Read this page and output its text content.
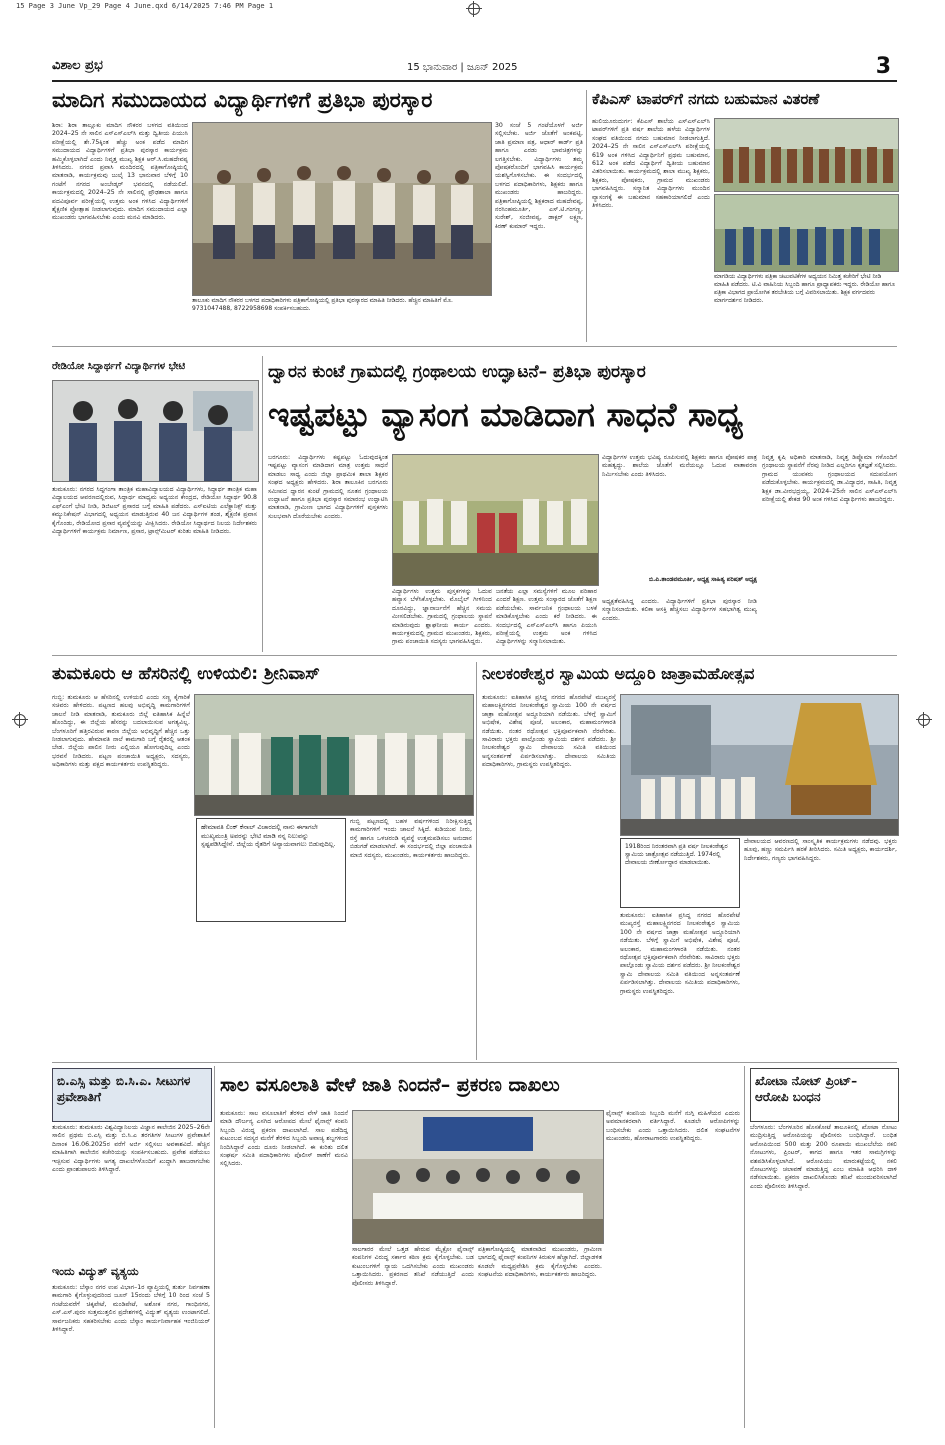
15 Page 3 June Vp_29 Page 4 June.qxd 6/14/2025 7:46 PM Page 1
ವಿಶಾಲ ಪ್ರಭ	15 ಭಾನುವಾರ | ಜೂನ್ 2025	3
ಮಾದಿಗ ಸಮುದಾಯದ ವಿದ್ಯಾರ್ಥಿಗಳಿಗೆ ಪ್ರತಿಭಾ ಪುರಸ್ಕಾರ
ಶಿರಾ: ಶಿರಾ ತಾಲ್ಲೂಕು ಮಾದಿಗ ನೌಕರರ ಬಳಗದ ವತಿಯಿಂದ 2024–25 ನೇ ಸಾಲಿನ ಎಸ್‌ಎಸ್‌ಎಲ್‌ಸಿ ಮತ್ತು ದ್ವಿತೀಯ ಪಿಯುಸಿ ಪರೀಕ್ಷೆಯಲ್ಲಿ ಶೇ.75ಕ್ಕಿಂತ ಹೆಚ್ಚು ಅಂಕ ಪಡೆದ ಮಾದಿಗ ಸಮುದಾಯದ ವಿದ್ಯಾರ್ಥಿಗಳಿಗೆ ಪ್ರತಿಭಾ ಪುರಸ್ಕಾರ ಕಾರ್ಯಕ್ರಮ ಹಮ್ಮಿಕೊಳ್ಳಲಾಗಿದೆ ಎಂದು ನಿವೃತ್ತ ಮುಖ್ಯ ಶಿಕ್ಷಕ ಆರ್.ಸಿ.ಮಹದೇವಪ್ಪ ತಿಳಿಸಿದರು. ನಗರದ ಪ್ರವಾಸಿ ಮಂದಿರದಲ್ಲಿ ಪತ್ರಿಕಾಗೋಷ್ಠಿಯಲ್ಲಿ ಮಾತನಾಡಿ, ಕಾರ್ಯಕ್ರಮವು ಜುಲೈ 13 ಭಾನುವಾರ ಬೆಳಿಗ್ಗೆ 10 ಗಂಟೆಗೆ ನಗರದ ಅಂಬೇಡ್ಕರ್ ಭವನದಲ್ಲಿ ನಡೆಯಲಿದೆ. ಕಾರ್ಯಕ್ರಮದಲ್ಲಿ 2024–25 ನೇ ಸಾಲಿನಲ್ಲಿ ಪ್ರೌಢಶಾಲಾ ಹಾಗೂ ಪದವಿಪೂರ್ವ ಪರೀಕ್ಷೆಯಲ್ಲಿ ಉತ್ತಮ ಅಂಕ ಗಳಿಸಿದ ವಿದ್ಯಾರ್ಥಿಗಳಿಗೆ ಶೈಕ್ಷಣಿಕ ಪ್ರೋತ್ಸಾಹ ನೀಡಲಾಗುವುದು. ಮಾದಿಗ ಸಮುದಾಯದ ಎಲ್ಲಾ ಮುಖಂಡರು ಭಾಗವಹಿಸಬೇಕು ಎಂದು ಮನವಿ ಮಾಡಿದರು.
ತಾಲೂಕು ಮಾದಿಗ ನೌಕರರ ಬಳಗದ ಪದಾಧಿಕಾರಿಗಳು ಪತ್ರಿಕಾಗೋಷ್ಠಿಯಲ್ಲಿ ಪ್ರತಿಭಾ ಪುರಸ್ಕಾರದ ಮಾಹಿತಿ ನೀಡಿದರು. ಹೆಚ್ಚಿನ ಮಾಹಿತಿಗೆ ಮೊ. 9731047488, 8722958698 ಸಂಪರ್ಕಿಸಬಹುದು.
30 ಸಂಜೆ 5 ಗಂಟೆಯೊಳಗೆ ಅರ್ಜಿ ಸಲ್ಲಿಸಬೇಕು. ಅರ್ಜಿ ಜೊತೆಗೆ ಅಂಕಪಟ್ಟಿ, ಜಾತಿ ಪ್ರಮಾಣ ಪತ್ರ, ಆಧಾರ್ ಕಾರ್ಡ್ ಪ್ರತಿ ಹಾಗೂ ಎರಡು ಭಾವಚಿತ್ರಗಳನ್ನು ಲಗತ್ತಿಸಬೇಕು. ವಿದ್ಯಾರ್ಥಿಗಳು ತಮ್ಮ ಪೋಷಕರೊಂದಿಗೆ ಭಾಗವಹಿಸಿ ಕಾರ್ಯಕ್ರಮ ಯಶಸ್ವಿಗೊಳಿಸಬೇಕು. ಈ ಸಂದರ್ಭದಲ್ಲಿ ಬಳಗದ ಪದಾಧಿಕಾರಿಗಳು, ಶಿಕ್ಷಕರು ಹಾಗೂ ಮುಖಂಡರು ಹಾಜರಿದ್ದರು. ಪತ್ರಿಕಾಗೋಷ್ಠಿಯಲ್ಲಿ ಶಿಕ್ಷಕರಾದ ಮಹದೇವಪ್ಪ, ನರಸಿಂಹಮೂರ್ತಿ, ಎಸ್.ಟಿ.ಗಂಗಣ್ಣ, ಸುರೇಶ್, ಸಂಜೀವಪ್ಪ, ಡಾಕ್ಟರ್ ಲಕ್ಷ್ಮಣ, ಕಿರಣ್ ಕುಮಾರ್ ಇದ್ದರು.
ಕೆಪಿಎಸ್ ಟಾಪರ್‌ಗೆ ನಗದು ಬಹುಮಾನ ವಿತರಣೆ
ಹುಲಿಯೂರುದುರ್ಗ: ಕೆಪಿಎಸ್ ಶಾಲೆಯ ಎಸ್‌ಎಸ್‌ಎಲ್‌ಸಿ ಟಾಪರ್‌ಗಳಿಗೆ ಪ್ರತಿ ವರ್ಷ ಶಾಲೆಯ ಹಳೆಯ ವಿದ್ಯಾರ್ಥಿಗಳ ಸಂಘದ ವತಿಯಿಂದ ನಗದು ಬಹುಮಾನ ನೀಡಲಾಗುತ್ತಿದೆ. 2024–25 ನೇ ಸಾಲಿನ ಎಸ್‌ಎಸ್‌ಎಲ್‌ಸಿ ಪರೀಕ್ಷೆಯಲ್ಲಿ 619 ಅಂಕ ಗಳಿಸಿದ ವಿದ್ಯಾರ್ಥಿನಿಗೆ ಪ್ರಥಮ ಬಹುಮಾನ, 612 ಅಂಕ ಪಡೆದ ವಿದ್ಯಾರ್ಥಿಗೆ ದ್ವಿತೀಯ ಬಹುಮಾನ ವಿತರಿಸಲಾಯಿತು. ಕಾರ್ಯಕ್ರಮದಲ್ಲಿ ಶಾಲಾ ಮುಖ್ಯ ಶಿಕ್ಷಕರು, ಶಿಕ್ಷಕರು, ಪೋಷಕರು, ಗ್ರಾಮದ ಮುಖಂಡರು ಭಾಗವಹಿಸಿದ್ದರು. ಸನ್ಮಾನಿತ ವಿದ್ಯಾರ್ಥಿಗಳು ಮುಂದಿನ ವ್ಯಾಸಂಗಕ್ಕೆ ಈ ಬಹುಮಾನ ಸಹಕಾರಿಯಾಗಲಿದೆ ಎಂದು ತಿಳಿಸಿದರು.
ಮಾಗಡಿಯ ವಿದ್ಯಾರ್ಥಿಗಳು ಪತ್ರಿಕಾ ಚಟುವಟಿಕೆಗಳ ಅಧ್ಯಯನ ನಿಮಿತ್ತ ಕಚೇರಿಗೆ ಭೇಟಿ ನೀಡಿ ಮಾಹಿತಿ ಪಡೆದರು. ಟಿ.ವಿ ವಾಹಿನಿಯ ಸಿಬ್ಬಂದಿ ಹಾಗೂ ಪ್ರಾಧ್ಯಾಪಕರು ಇದ್ದರು. ರೇಡಿಯೋ ಹಾಗೂ ಪತ್ರಿಕಾ ವಿಭಾಗದ ಪ್ರಾಯೋಗಿಕ ತರಬೇತಿಯ ಬಗ್ಗೆ ವಿವರಿಸಲಾಯಿತು. ಶಿಕ್ಷಕ ವರ್ಗದವರು ಮಾರ್ಗದರ್ಶನ ನೀಡಿದರು.
ರೇಡಿಯೋ ಸಿದ್ದಾರ್ಥಗೆ ವಿದ್ಯಾರ್ಥಿಗಳ ಭೇಟಿ
ತುಮಕೂರು: ನಗರದ ಸಿದ್ದಗಂಗಾ ತಾಂತ್ರಿಕ ಮಹಾವಿದ್ಯಾಲಯದ ವಿದ್ಯಾರ್ಥಿಗಳು, ಸಿದ್ಧಾರ್ಥ ತಾಂತ್ರಿಕ ಮಹಾ ವಿದ್ಯಾಲಯದ ಆವರಣದಲ್ಲಿರುವ, ಸಿದ್ಧಾರ್ಥ ಮಾಧ್ಯಮ ಅಧ್ಯಯನ ಕೇಂದ್ರದ, ರೇಡಿಯೋ ಸಿದ್ಧಾರ್ಥ 90.8 ಎಫ್‌ಎಂಗೆ ಭೇಟಿ ನೀಡಿ, ಡಿಜಿಟಲ್ ಪ್ರಸಾರದ ಬಗ್ಗೆ ಮಾಹಿತಿ ಪಡೆದರು. ಎಸ್‌ಐಟಿಯ ಎಲೆಕ್ಟ್ರಾನಿಕ್ಸ್ ಮತ್ತು ಕಮ್ಯುನಿಕೇಷನ್ ವಿಭಾಗದಲ್ಲಿ ಅಧ್ಯಯನ ಮಾಡುತ್ತಿರುವ 40 ಜನ ವಿದ್ಯಾರ್ಥಿಗಳ ತಂಡ, ಶೈಕ್ಷಣಿಕ ಪ್ರವಾಸ ಕೈಗೊಂಡು, ರೇಡಿಯೋದ ಪ್ರಸಾರ ವ್ಯವಸ್ಥೆಯನ್ನು ವೀಕ್ಷಿಸಿದರು. ರೇಡಿಯೋ ಸಿದ್ಧಾರ್ಥದ ನಿಲಯ ನಿರ್ದೇಶಕರು ವಿದ್ಯಾರ್ಥಿಗಳಿಗೆ ಕಾರ್ಯಕ್ರಮ ನಿರ್ಮಾಣ, ಪ್ರಸಾರ, ಟ್ರಾನ್ಸ್‌ಮಿಟರ್ ಕುರಿತು ಮಾಹಿತಿ ನೀಡಿದರು.
ದ್ವಾರನ ಕುಂಟೆ ಗ್ರಾಮದಲ್ಲಿ ಗ್ರಂಥಾಲಯ ಉದ್ಘಾಟನೆ– ಪ್ರತಿಭಾ ಪುರಸ್ಕಾರ
ಇಷ್ಟಪಟ್ಟು ವ್ಯಾಸಂಗ ಮಾಡಿದಾಗ ಸಾಧನೆ ಸಾಧ್ಯ
ಬರಗೂರು: ವಿದ್ಯಾರ್ಥಿಗಳು ಕಷ್ಟಪಟ್ಟು ಓದುವುದಕ್ಕಿಂತ ಇಷ್ಟಪಟ್ಟು ವ್ಯಾಸಂಗ ಮಾಡಿದಾಗ ಮಾತ್ರ ಉತ್ತಮ ಸಾಧನೆ ಮಾಡಲು ಸಾಧ್ಯ ಎಂದು ಜಿಲ್ಲಾ ಪ್ರಾಥಮಿಕ ಶಾಲಾ ಶಿಕ್ಷಕರ ಸಂಘದ ಅಧ್ಯಕ್ಷರು ಹೇಳಿದರು. ಶಿರಾ ತಾಲೂಕಿನ ಬರಗೂರು ಸಮೀಪದ ದ್ವಾರನ ಕುಂಟೆ ಗ್ರಾಮದಲ್ಲಿ ನೂತನ ಗ್ರಂಥಾಲಯ ಉದ್ಘಾಟನೆ ಹಾಗೂ ಪ್ರತಿಭಾ ಪುರಸ್ಕಾರ ಸಮಾರಂಭ ಉದ್ಘಾಟಿಸಿ ಮಾತನಾಡಿ, ಗ್ರಾಮೀಣ ಭಾಗದ ವಿದ್ಯಾರ್ಥಿಗಳಿಗೆ ಪುಸ್ತಕಗಳು ಸುಲಭವಾಗಿ ದೊರೆಯಬೇಕು ಎಂದರು.
ವಿದ್ಯಾರ್ಥಿಗಳು ಉತ್ತಮ ಪುಸ್ತಕಗಳನ್ನು ಓದುವ ಹವ್ಯಾಸ ಬೆಳೆಸಿಕೊಳ್ಳಬೇಕು. ಮೊಬೈಲ್ ಗೀಳಿನಿಂದ ದೂರವಿದ್ದು, ಜ್ಞಾನಾರ್ಜನೆಗೆ ಹೆಚ್ಚಿನ ಸಮಯ ಮೀಸಲಿಡಬೇಕು. ಗ್ರಾಮದಲ್ಲಿ ಗ್ರಂಥಾಲಯ ಸ್ಥಾಪನೆ ಮಾಡಿರುವುದು ಶ್ಲಾಘನೀಯ ಕಾರ್ಯ ಎಂದರು. ಕಾರ್ಯಕ್ರಮದಲ್ಲಿ ಗ್ರಾಮದ ಮುಖಂಡರು, ಶಿಕ್ಷಕರು, ಗ್ರಾಮ ಪಂಚಾಯಿತಿ ಸದಸ್ಯರು ಭಾಗವಹಿಸಿದ್ದರು.
ಜನತೆಯ ಎಲ್ಲಾ ಸಮಸ್ಯೆಗಳಿಗೆ ಮೂಲ ಪರಿಹಾರ ಎಂದರೆ ಶಿಕ್ಷಣ. ಉತ್ತಮ ಸಂಸ್ಕಾರದ ಜೊತೆಗೆ ಶಿಕ್ಷಣ ಪಡೆಯಬೇಕು. ಸಾರ್ವಜನಿಕ ಗ್ರಂಥಾಲಯ ಬಳಕೆ ಮಾಡಿಕೊಳ್ಳಬೇಕು ಎಂದು ಕರೆ ನೀಡಿದರು. ಈ ಸಂದರ್ಭದಲ್ಲಿ ಎಸ್‌ಎಸ್‌ಎಲ್‌ಸಿ ಹಾಗೂ ಪಿಯುಸಿ ಪರೀಕ್ಷೆಯಲ್ಲಿ ಉತ್ತಮ ಅಂಕ ಗಳಿಸಿದ ವಿದ್ಯಾರ್ಥಿಗಳನ್ನು ಸನ್ಮಾನಿಸಲಾಯಿತು.
ವಿದ್ಯಾರ್ಥಿಗಳ ಉತ್ತಮ ಭವಿಷ್ಯ ರೂಪಿಸುವಲ್ಲಿ ಶಿಕ್ಷಕರು ಹಾಗೂ ಪೋಷಕರ ಪಾತ್ರ ಮಹತ್ವದ್ದು. ಶಾಲೆಯ ಜೊತೆಗೆ ಮನೆಯಲ್ಲೂ ಓದುವ ವಾತಾವರಣ ನಿರ್ಮಿಸಬೇಕು ಎಂದು ತಿಳಿಸಿದರು.
ಬಿ.ಪಿ.ತಾಂಡವಮೂರ್ತಿ, ಅಧ್ಯಕ್ಷ ಸಾಹಿತ್ಯ ಪರಿಷತ್ ಅಧ್ಯಕ್ಷ
ಅಧ್ಯಕ್ಷತೆವಹಿಸಿದ್ದ ಎಂದರು. ವಿದ್ಯಾರ್ಥಿಗಳಿಗೆ ಪ್ರತಿಭಾ ಪುರಸ್ಕಾರ ನೀಡಿ ಸನ್ಮಾನಿಸಲಾಯಿತು. ಕಲಿಕಾ ಆಸಕ್ತಿ ಹೆಚ್ಚಿಸಲು ವಿದ್ಯಾರ್ಥಿಗಳ ಸಹಭಾಗಿತ್ವ ಮುಖ್ಯ ಎಂದರು.
ನಿವೃತ್ತ ಕೃಷಿ ಅಧಿಕಾರಿ ಮಾತನಾಡಿ, ನಿವೃತ್ತ ಡಿಪ್ಲೊಮಾ ಗಳೊಂದಿಗೆ ಗ್ರಂಥಾಲಯ ಸ್ಥಾಪನೆಗೆ ನೆರವು ನೀಡಿದ ಎಲ್ಲರಿಗೂ ಕೃತಜ್ಞತೆ ಸಲ್ಲಿಸಿದರು. ಗ್ರಾಮದ ಯುವಕರು ಗ್ರಂಥಾಲಯದ ಸದುಪಯೋಗ ಪಡೆದುಕೊಳ್ಳಬೇಕು. ಕಾರ್ಯಕ್ರಮದಲ್ಲಿ ಡಾ.ವಿದ್ಯಾಧರ, ಸಾಹಿತಿ, ನಿವೃತ್ತ ಶಿಕ್ಷಕ ಡಾ.ವೀರಭದ್ರಯ್ಯ, 2024–25ನೇ ಸಾಲಿನ ಎಸ್‌ಎಸ್‌ಎಲ್‌ಸಿ ಪರೀಕ್ಷೆಯಲ್ಲಿ ಶೇಕಡ 90 ಅಂಕ ಗಳಿಸಿದ ವಿದ್ಯಾರ್ಥಿಗಳು ಹಾಜರಿದ್ದರು.
ತುಮಕೂರು ಆ ಹೆಸರಿನಲ್ಲಿ ಉಳಿಯಲಿ: ಶ್ರೀನಿವಾಸ್
ಗುಬ್ಬಿ: ತುಮಕೂರು ಆ ಹೆಸರಿನಲ್ಲಿ ಉಳಿಯಲಿ ಎಂದು ಸಣ್ಣ ಕೈಗಾರಿಕೆ ಸಚಿವರು ಹೇಳಿದರು. ಪಟ್ಟಣದ ಹಲವು ಅಭಿವೃದ್ಧಿ ಕಾಮಗಾರಿಗಳಿಗೆ ಚಾಲನೆ ನೀಡಿ ಮಾತನಾಡಿ, ತುಮಕೂರು ಜಿಲ್ಲೆ ಐತಿಹಾಸಿಕ ಹಿನ್ನೆಲೆ ಹೊಂದಿದ್ದು, ಈ ಜಿಲ್ಲೆಯ ಹೆಸರನ್ನು ಬದಲಾಯಿಸುವ ಅಗತ್ಯವಿಲ್ಲ. ಬೆಂಗಳೂರಿಗೆ ಹತ್ತಿರವಿರುವ ಕಾರಣ ಜಿಲ್ಲೆಯ ಅಭಿವೃದ್ಧಿಗೆ ಹೆಚ್ಚಿನ ಒತ್ತು ನೀಡಲಾಗುವುದು. ಹೇಮಾವತಿ ನಾಲೆ ಕಾಮಗಾರಿ ಬಗ್ಗೆ ರೈತರಲ್ಲಿ ಆತಂಕ ಬೇಡ. ಜಿಲ್ಲೆಯ ಪಾಲಿನ ನೀರು ಎಲ್ಲಿಯೂ ಹೋಗುವುದಿಲ್ಲ ಎಂದು ಭರವಸೆ ನೀಡಿದರು. ಪಟ್ಟಣ ಪಂಚಾಯಿತಿ ಅಧ್ಯಕ್ಷರು, ಸದಸ್ಯರು, ಅಧಿಕಾರಿಗಳು ಮತ್ತು ಪಕ್ಷದ ಕಾರ್ಯಕರ್ತರು ಉಪಸ್ಥಿತರಿದ್ದರು.
ಹೇಮಾವತಿ ಲಿಂಕ್ ಕೆನಾಲ್ ವಿಚಾರದಲ್ಲಿ ನಾನು ಈಗಾಗಲೇ ಮುಖ್ಯಮಂತ್ರಿ ಅವರನ್ನು ಭೇಟಿ ಮಾಡಿ ನನ್ನ ನಿಲುವನ್ನು ಸ್ಪಷ್ಟಪಡಿಸಿದ್ದೇನೆ. ಜಿಲ್ಲೆಯ ರೈತರಿಗೆ ಅನ್ಯಾಯವಾಗಲು ಬಿಡುವುದಿಲ್ಲ.
ಗುಬ್ಬಿ ಪಟ್ಟಣದಲ್ಲಿ ಬಹಳ ವರ್ಷಗಳಿಂದ ನಿರೀಕ್ಷಿಸುತ್ತಿದ್ದ ಕಾಮಗಾರಿಗಳಿಗೆ ಇಂದು ಚಾಲನೆ ಸಿಕ್ಕಿದೆ. ಕುಡಿಯುವ ನೀರು, ರಸ್ತೆ ಹಾಗೂ ಒಳಚರಂಡಿ ವ್ಯವಸ್ಥೆ ಉತ್ತಮಪಡಿಸಲು ಅನುದಾನ ಬಿಡುಗಡೆ ಮಾಡಲಾಗಿದೆ. ಈ ಸಂದರ್ಭದಲ್ಲಿ ಜಿಲ್ಲಾ ಪಂಚಾಯಿತಿ ಮಾಜಿ ಸದಸ್ಯರು, ಮುಖಂಡರು, ಕಾರ್ಯಕರ್ತರು ಹಾಜರಿದ್ದರು.
ನೀಲಕಂಠೇಶ್ವರ ಸ್ವಾಮಿಯ ಅದ್ದೂರಿ ಜಾತ್ರಾಮಹೋತ್ಸವ
ತುಮಕೂರು: ಐತಿಹಾಸಿಕ ಪ್ರಸಿದ್ಧ ನಗರದ ಹೊರಪೇಟೆ ಮುಖ್ಯರಸ್ತೆ ಮಹಾಲಕ್ಷ್ಮಿನಗರದ ನೀಲಕಂಠೇಶ್ವರ ಸ್ವಾಮಿಯ 100 ನೇ ವರ್ಷದ ಜಾತ್ರಾ ಮಹೋತ್ಸವ ಅದ್ದೂರಿಯಾಗಿ ನಡೆಯಿತು. ಬೆಳಿಗ್ಗೆ ಸ್ವಾಮಿಗೆ ಅಭಿಷೇಕ, ವಿಶೇಷ ಪೂಜೆ, ಅಲಂಕಾರ, ಮಹಾಮಂಗಳಾರತಿ ನಡೆಯಿತು. ನಂತರ ರಥೋತ್ಸವ ಭಕ್ತಿಪೂರ್ವಕವಾಗಿ ನೆರವೇರಿತು. ಸಾವಿರಾರು ಭಕ್ತರು ಪಾಲ್ಗೊಂಡು ಸ್ವಾಮಿಯ ದರ್ಶನ ಪಡೆದರು. ಶ್ರೀ ನೀಲಕಂಠೇಶ್ವರ ಸ್ವಾಮಿ ದೇವಾಲಯ ಸಮಿತಿ ವತಿಯಿಂದ ಅನ್ನಸಂತರ್ಪಣೆ ಏರ್ಪಡಿಸಲಾಗಿತ್ತು. ದೇವಾಲಯ ಸಮಿತಿಯ ಪದಾಧಿಕಾರಿಗಳು, ಗ್ರಾಮಸ್ಥರು ಉಪಸ್ಥಿತರಿದ್ದರು.
1918ರಿಂದ ನಿರಂತರವಾಗಿ ಪ್ರತಿ ವರ್ಷ ನೀಲಕಂಠೇಶ್ವರ ಸ್ವಾಮಿಯ ಜಾತ್ರೋತ್ಸವ ನಡೆಯುತ್ತಿದೆ. 1974ರಲ್ಲಿ ದೇವಾಲಯ ಜೀರ್ಣೋದ್ಧಾರ ಮಾಡಲಾಯಿತು.
ದೇವಾಲಯದ ಆವರಣದಲ್ಲಿ ಸಾಂಸ್ಕೃತಿಕ ಕಾರ್ಯಕ್ರಮಗಳು ನಡೆದವು. ಭಕ್ತರು ಹೂವು, ಹಣ್ಣು ಸಮರ್ಪಿಸಿ ಹರಕೆ ತೀರಿಸಿದರು. ಸಮಿತಿ ಅಧ್ಯಕ್ಷರು, ಕಾರ್ಯದರ್ಶಿ, ನಿರ್ದೇಶಕರು, ಗಣ್ಯರು ಭಾಗವಹಿಸಿದ್ದರು.
ತುಮಕೂರು: ಐತಿಹಾಸಿಕ ಪ್ರಸಿದ್ಧ ನಗರದ ಹೊರಪೇಟೆ ಮುಖ್ಯರಸ್ತೆ ಮಹಾಲಕ್ಷ್ಮಿನಗರದ ನೀಲಕಂಠೇಶ್ವರ ಸ್ವಾಮಿಯ 100 ನೇ ವರ್ಷದ ಜಾತ್ರಾ ಮಹೋತ್ಸವ ಅದ್ದೂರಿಯಾಗಿ ನಡೆಯಿತು. ಬೆಳಿಗ್ಗೆ ಸ್ವಾಮಿಗೆ ಅಭಿಷೇಕ, ವಿಶೇಷ ಪೂಜೆ, ಅಲಂಕಾರ, ಮಹಾಮಂಗಳಾರತಿ ನಡೆಯಿತು. ನಂತರ ರಥೋತ್ಸವ ಭಕ್ತಿಪೂರ್ವಕವಾಗಿ ನೆರವೇರಿತು. ಸಾವಿರಾರು ಭಕ್ತರು ಪಾಲ್ಗೊಂಡು ಸ್ವಾಮಿಯ ದರ್ಶನ ಪಡೆದರು. ಶ್ರೀ ನೀಲಕಂಠೇಶ್ವರ ಸ್ವಾಮಿ ದೇವಾಲಯ ಸಮಿತಿ ವತಿಯಿಂದ ಅನ್ನಸಂತರ್ಪಣೆ ಏರ್ಪಡಿಸಲಾಗಿತ್ತು. ದೇವಾಲಯ ಸಮಿತಿಯ ಪದಾಧಿಕಾರಿಗಳು, ಗ್ರಾಮಸ್ಥರು ಉಪಸ್ಥಿತರಿದ್ದರು.
ಬಿ.ಎಸ್ಸಿ ಮತ್ತು ಬಿ.ಸಿ.ಎ. ಸೀಟುಗಳ ಪ್ರವೇಶಾತಿಗೆ
ತುಮಕೂರು: ತುಮಕೂರು ವಿಶ್ವವಿದ್ಯಾನಿಲಯ ವಿಜ್ಞಾನ ಕಾಲೇಜಿನ 2025–26ನೇ ಸಾಲಿನ ಪ್ರಥಮ ಬಿ.ಎಸ್ಸಿ ಮತ್ತು ಬಿ.ಸಿ.ಎ ತರಗತಿಗಳ ಸೀಟುಗಳ ಪ್ರವೇಶಾತಿಗೆ ದಿನಾಂಕ 16.06.2025ರ ವರೆಗೆ ಅರ್ಜಿ ಸಲ್ಲಿಸಲು ಅವಕಾಶವಿದೆ. ಹೆಚ್ಚಿನ ಮಾಹಿತಿಗಾಗಿ ಕಾಲೇಜಿನ ಕಚೇರಿಯನ್ನು ಸಂಪರ್ಕಿಸಬಹುದು. ಪ್ರವೇಶ ಪಡೆಯಲು ಇಚ್ಛಿಸುವ ವಿದ್ಯಾರ್ಥಿಗಳು ಅಗತ್ಯ ದಾಖಲೆಗಳೊಂದಿಗೆ ಖುದ್ದಾಗಿ ಹಾಜರಾಗಬೇಕು ಎಂದು ಪ್ರಾಂಶುಪಾಲರು ತಿಳಿಸಿದ್ದಾರೆ.
ಇಂದು ವಿದ್ಯುತ್ ವ್ಯತ್ಯಯ
ತುಮಕೂರು: ಬೆಸ್ಕಾಂ ನಗರ ಉಪ ವಿಭಾಗ–1ರ ವ್ಯಾಪ್ತಿಯಲ್ಲಿ ತುರ್ತು ನಿರ್ವಹಣಾ ಕಾಮಗಾರಿ ಕೈಗೊಳ್ಳುವುದರಿಂದ ಜೂನ್ 15ರಂದು ಬೆಳಿಗ್ಗೆ 10 ರಿಂದ ಸಂಜೆ 5 ಗಂಟೆಯವರೆಗೆ ಚಿಕ್ಕಪೇಟೆ, ಮಂಡಿಪೇಟೆ, ಅಶೋಕ ನಗರ, ಗಾಂಧಿನಗರ, ಎಸ್.ಎಸ್.ಪುರಂ ಸುತ್ತಮುತ್ತಲಿನ ಪ್ರದೇಶಗಳಲ್ಲಿ ವಿದ್ಯುತ್ ವ್ಯತ್ಯಯ ಉಂಟಾಗಲಿದೆ. ಸಾರ್ವಜನಿಕರು ಸಹಕರಿಸಬೇಕು ಎಂದು ಬೆಸ್ಕಾಂ ಕಾರ್ಯನಿರ್ವಾಹಕ ಇಂಜಿನಿಯರ್ ತಿಳಿಸಿದ್ದಾರೆ.
ಸಾಲ ವಸೂಲಾತಿ ವೇಳೆ ಜಾತಿ ನಿಂದನೆ– ಪ್ರಕರಣ ದಾಖಲು
ತುಮಕೂರು: ಸಾಲ ವಸೂಲಾತಿಗೆ ತೆರಳಿದ ವೇಳೆ ಜಾತಿ ನಿಂದನೆ ಮಾಡಿ ದೌರ್ಜನ್ಯ ಎಸಗಿದ ಆರೋಪದ ಮೇಲೆ ಫೈನಾನ್ಸ್ ಕಂಪನಿ ಸಿಬ್ಬಂದಿ ವಿರುದ್ಧ ಪ್ರಕರಣ ದಾಖಲಾಗಿದೆ. ಸಾಲ ಪಡೆದಿದ್ದ ಕುಟುಂಬದ ಸದಸ್ಯರ ಮನೆಗೆ ತೆರಳಿದ ಸಿಬ್ಬಂದಿ ಅವಾಚ್ಯ ಶಬ್ದಗಳಿಂದ ನಿಂದಿಸಿದ್ದಾರೆ ಎಂದು ದೂರು ನೀಡಲಾಗಿದೆ. ಈ ಕುರಿತು ದಲಿತ ಸಂಘರ್ಷ ಸಮಿತಿ ಪದಾಧಿಕಾರಿಗಳು ಪೊಲೀಸ್ ಠಾಣೆಗೆ ಮನವಿ ಸಲ್ಲಿಸಿದರು.
ಸಾಲಗಾರರ ಮೇಲೆ ಒತ್ತಡ ಹೇರುವ ಮೈಕ್ರೋ ಫೈನಾನ್ಸ್ ಕಂಪನಿಗಳ ವಿರುದ್ಧ ಸರ್ಕಾರ ಕಠಿಣ ಕ್ರಮ ಕೈಗೊಳ್ಳಬೇಕು. ಬಡ ಕುಟುಂಬಗಳಿಗೆ ನ್ಯಾಯ ಒದಗಿಸಬೇಕು ಎಂದು ಮುಖಂಡರು ಒತ್ತಾಯಿಸಿದರು. ಪ್ರಕರಣದ ತನಿಖೆ ನಡೆಯುತ್ತಿದೆ ಎಂದು ಪೊಲೀಸರು ತಿಳಿಸಿದ್ದಾರೆ.
ಪತ್ರಿಕಾಗೋಷ್ಠಿಯಲ್ಲಿ ಮಾತನಾಡಿದ ಮುಖಂಡರು, ಗ್ರಾಮೀಣ ಭಾಗದಲ್ಲಿ ಫೈನಾನ್ಸ್ ಕಂಪನಿಗಳ ಕಿರುಕುಳ ಹೆಚ್ಚಾಗಿದೆ. ಜಿಲ್ಲಾಡಳಿತ ಕೂಡಲೇ ಮಧ್ಯಪ್ರವೇಶಿಸಿ ಕ್ರಮ ಕೈಗೊಳ್ಳಬೇಕು ಎಂದರು. ಸಂಘಟನೆಯ ಪದಾಧಿಕಾರಿಗಳು, ಕಾರ್ಯಕರ್ತರು ಹಾಜರಿದ್ದರು.
ಫೈನಾನ್ಸ್ ಕಂಪನಿಯ ಸಿಬ್ಬಂದಿ ಮನೆಗೆ ನುಗ್ಗಿ ಮಹಿಳೆಯರ ಎದುರು ಅವಮಾನಕರವಾಗಿ ವರ್ತಿಸಿದ್ದಾರೆ. ಕೂಡಲೇ ಆರೋಪಿಗಳನ್ನು ಬಂಧಿಸಬೇಕು ಎಂದು ಒತ್ತಾಯಿಸಿದರು. ದಲಿತ ಸಂಘಟನೆಗಳ ಮುಖಂಡರು, ಹೋರಾಟಗಾರರು ಉಪಸ್ಥಿತರಿದ್ದರು.
ಖೋಟಾ ನೋಟ್ ಪ್ರಿಂಟ್– ಆರೋಪಿ ಬಂಧನ
ಬೆಂಗಳೂರು: ಬೆಂಗಳೂರಿನ ಹೊಸಕೋಟೆ ತಾಲೂಕಿನಲ್ಲಿ ಖೋಟಾ ನೋಟು ಮುದ್ರಿಸುತ್ತಿದ್ದ ಆರೋಪಿಯನ್ನು ಪೊಲೀಸರು ಬಂಧಿಸಿದ್ದಾರೆ. ಬಂಧಿತ ಆರೋಪಿಯಿಂದ 500 ಮತ್ತು 200 ರೂಪಾಯಿ ಮುಖಬೆಲೆಯ ನಕಲಿ ನೋಟುಗಳು, ಪ್ರಿಂಟರ್, ಕಾಗದ ಹಾಗೂ ಇತರ ಸಾಮಗ್ರಿಗಳನ್ನು ವಶಪಡಿಸಿಕೊಳ್ಳಲಾಗಿದೆ. ಆರೋಪಿಯು ಮಾರುಕಟ್ಟೆಯಲ್ಲಿ ನಕಲಿ ನೋಟುಗಳನ್ನು ಚಲಾವಣೆ ಮಾಡುತ್ತಿದ್ದ ಎಂಬ ಮಾಹಿತಿ ಆಧರಿಸಿ ದಾಳಿ ನಡೆಸಲಾಯಿತು. ಪ್ರಕರಣ ದಾಖಲಿಸಿಕೊಂಡು ತನಿಖೆ ಮುಂದುವರಿಸಲಾಗಿದೆ ಎಂದು ಪೊಲೀಸರು ತಿಳಿಸಿದ್ದಾರೆ.
